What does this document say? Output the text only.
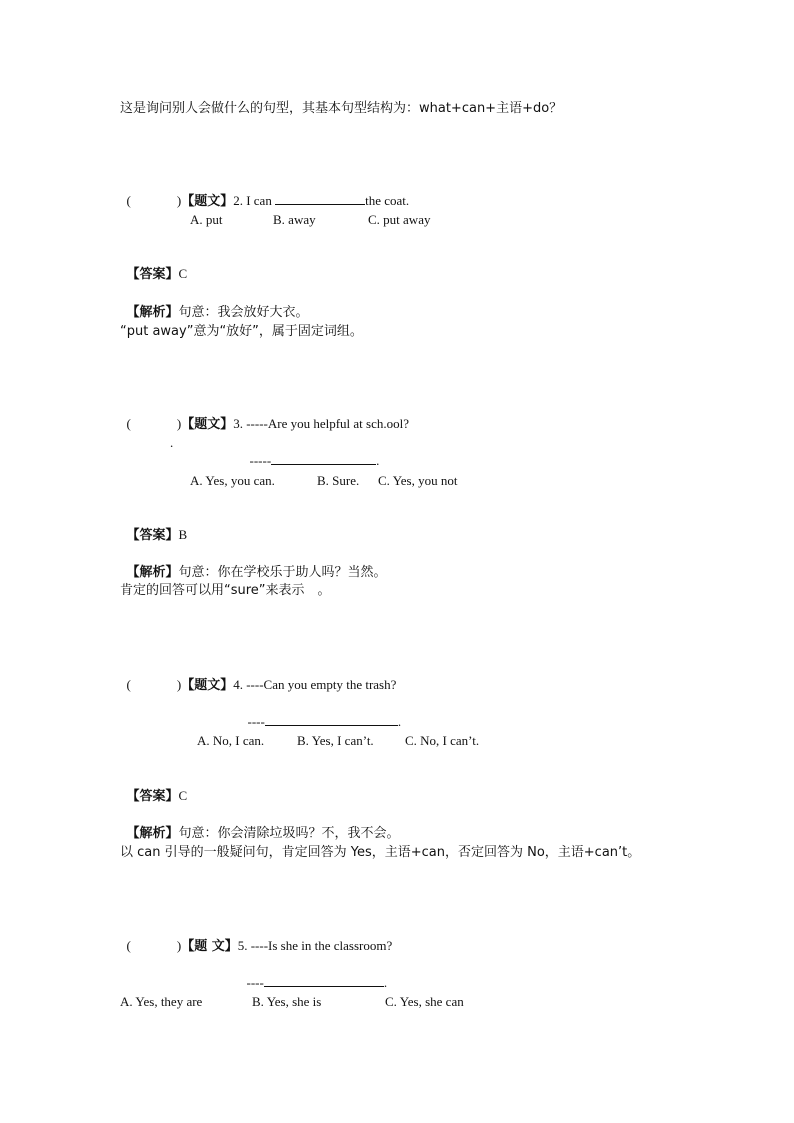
这是询问别人会做什么的句型，其基本句型结构为：what+can+主语+do？

(	)【题文】2. I can	the coat.

A. put	B. away	C. put away

【答案】C

【解析】句意：我会放好大衣。

“put away”意为“放好”，属于固定词组。

(	)【题文】3. -----Are you helpful at sch.ool?

.

-----	.

A. Yes, you can.	B. Sure. C. Yes, you not

【答案】B

【解析】句意：你在学校乐于助人吗？当然。

肯定的回答可以用“sure”来表示　。

(	)【题文】4. ----Can you empty the trash?

----	.

A. No, I can.	B. Yes, I can’t. C. No, I can’t.

【答案】C

【解析】句意：你会清除垃圾吗？不，我不会。

以 can 引导的一般疑问句，肯定回答为 Yes，主语+can，否定回答为 No，主语+can’t。

(	)【题 文】5. ----Is she in the classroom?

----	.

A. Yes, they are	B. Yes, she is	C. Yes, she can
